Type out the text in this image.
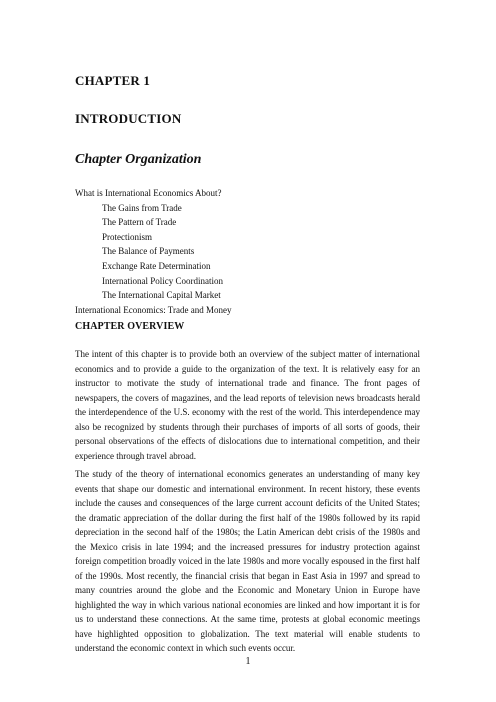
CHAPTER 1
INTRODUCTION
Chapter Organization
What is International Economics About?
The Gains from Trade
The Pattern of Trade
Protectionism
The Balance of Payments
Exchange Rate Determination
International Policy Coordination
The International Capital Market
International Economics: Trade and Money
CHAPTER OVERVIEW

The intent of this chapter is to provide both an overview of the subject matter of international economics and to provide a guide to the organization of the text. It is relatively easy for an instructor to motivate the study of international trade and finance. The front pages of newspapers, the covers of magazines, and the lead reports of television news broadcasts herald the interdependence of the U.S. economy with the rest of the world. This interdependence may also be recognized by students through their purchases of imports of all sorts of goods, their personal observations of the effects of dislocations due to international competition, and their experience through travel abroad.

The study of the theory of international economics generates an understanding of many key events that shape our domestic and international environment. In recent history, these events include the causes and consequences of the large current account deficits of the United States; the dramatic appreciation of the dollar during the first half of the 1980s followed by its rapid depreciation in the second half of the 1980s; the Latin American debt crisis of the 1980s and the Mexico crisis in late 1994; and the increased pressures for industry protection against foreign competition broadly voiced in the late 1980s and more vocally espoused in the first half of the 1990s. Most recently, the financial crisis that began in East Asia in 1997 and spread to many countries around the globe and the Economic and Monetary Union in Europe have highlighted the way in which various national economies are linked and how important it is for us to understand these connections. At the same time, protests at global economic meetings have highlighted opposition to globalization. The text material will enable students to understand the economic context in which such events occur.

1
